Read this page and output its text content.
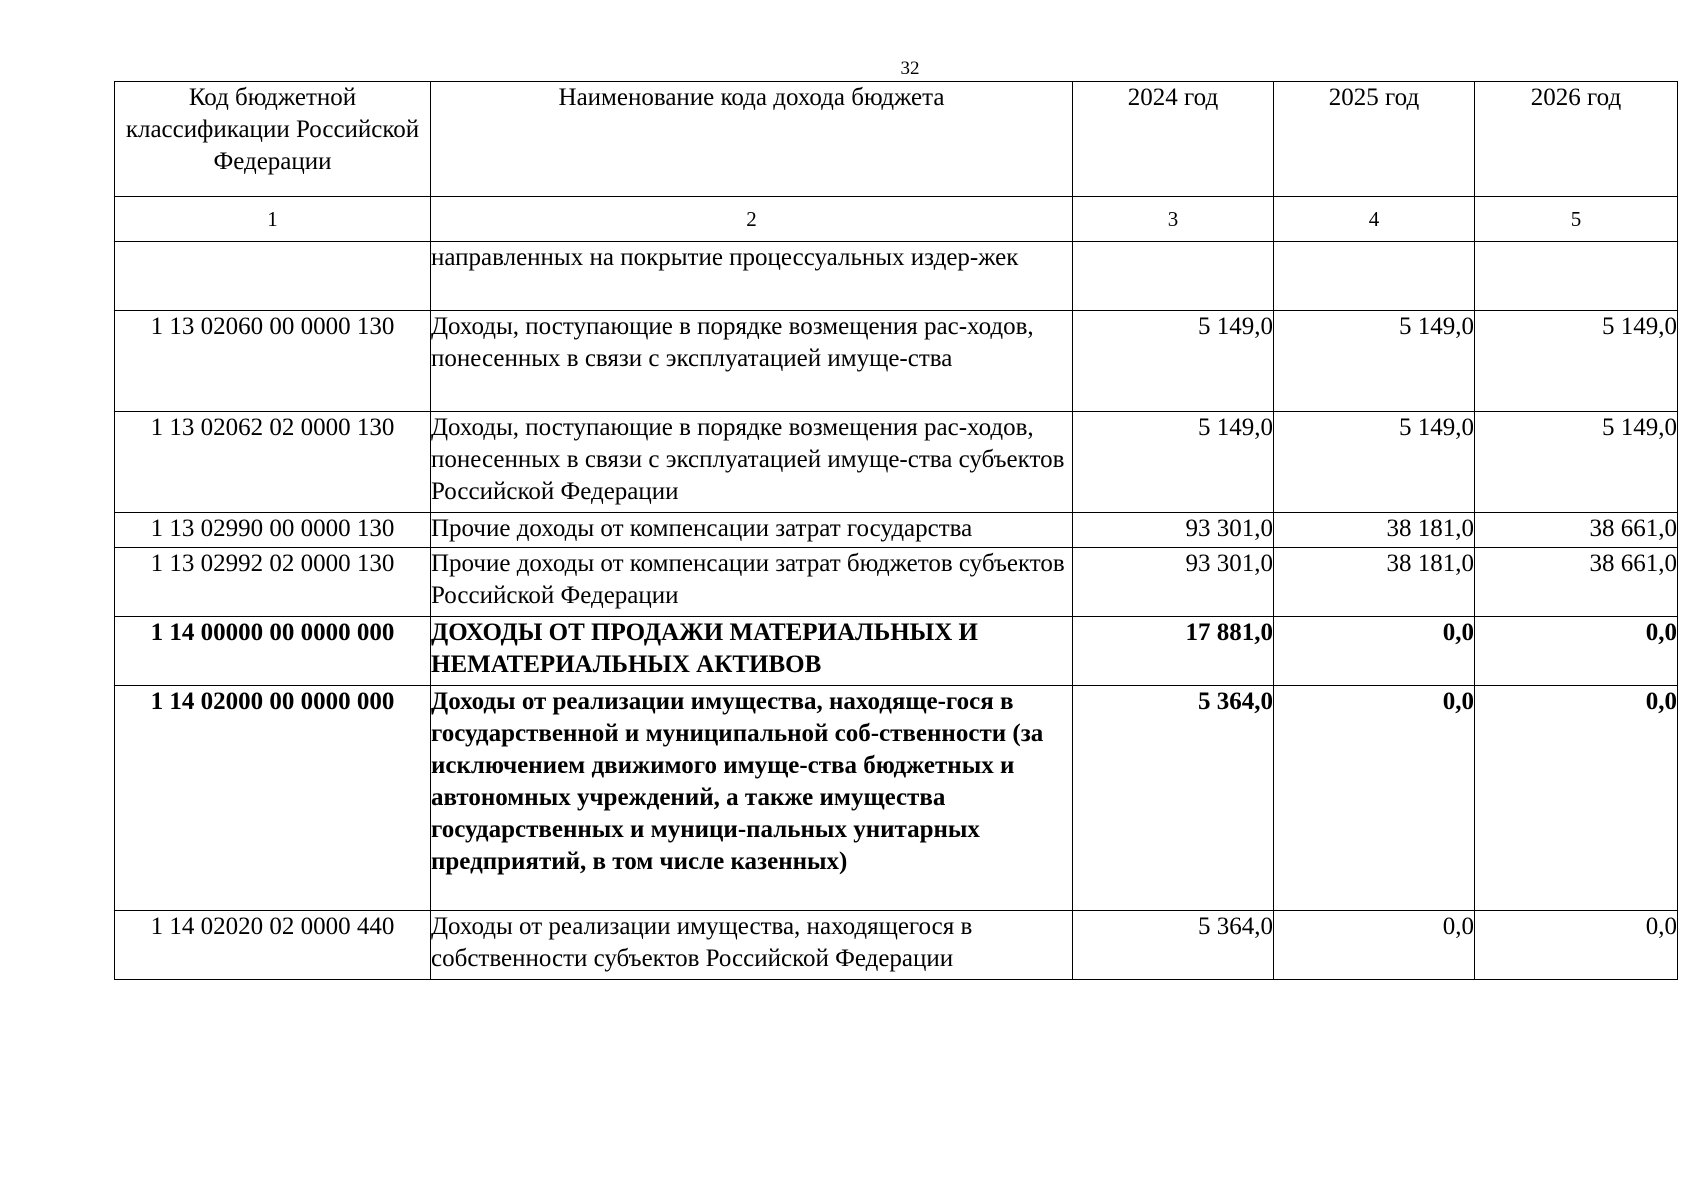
32
Код бюджетной классификации Российской Федерации	Наименование кода дохода бюджета	2024 год	2025 год	2026 год
1	2	3	4	5
	направленных на покрытие процессуальных издер-жек			
1 13 02060 00 0000 130	Доходы, поступающие в порядке возмещения рас-ходов, понесенных в связи с эксплуатацией имуще-ства	5 149,0	5 149,0	5 149,0
1 13 02062 02 0000 130	Доходы, поступающие в порядке возмещения рас-ходов, понесенных в связи с эксплуатацией имуще-ства субъектов Российской Федерации	5 149,0	5 149,0	5 149,0
1 13 02990 00 0000 130	Прочие доходы от компенсации затрат государства	93 301,0	38 181,0	38 661,0
1 13 02992 02 0000 130	Прочие доходы от компенсации затрат бюджетов субъектов Российской Федерации	93 301,0	38 181,0	38 661,0
1 14 00000 00 0000 000	ДОХОДЫ ОТ ПРОДАЖИ МАТЕРИАЛЬНЫХ И НЕМАТЕРИАЛЬНЫХ АКТИВОВ	17 881,0	0,0	0,0
1 14 02000 00 0000 000	Доходы от реализации имущества, находяще-гося в государственной и муниципальной соб-ственности (за исключением движимого имуще-ства бюджетных и автономных учреждений, а также имущества государственных и муници-пальных унитарных предприятий, в том числе казенных)	5 364,0	0,0	0,0
1 14 02020 02 0000 440	Доходы от реализации имущества, находящегося в собственности субъектов Российской Федерации	5 364,0	0,0	0,0
